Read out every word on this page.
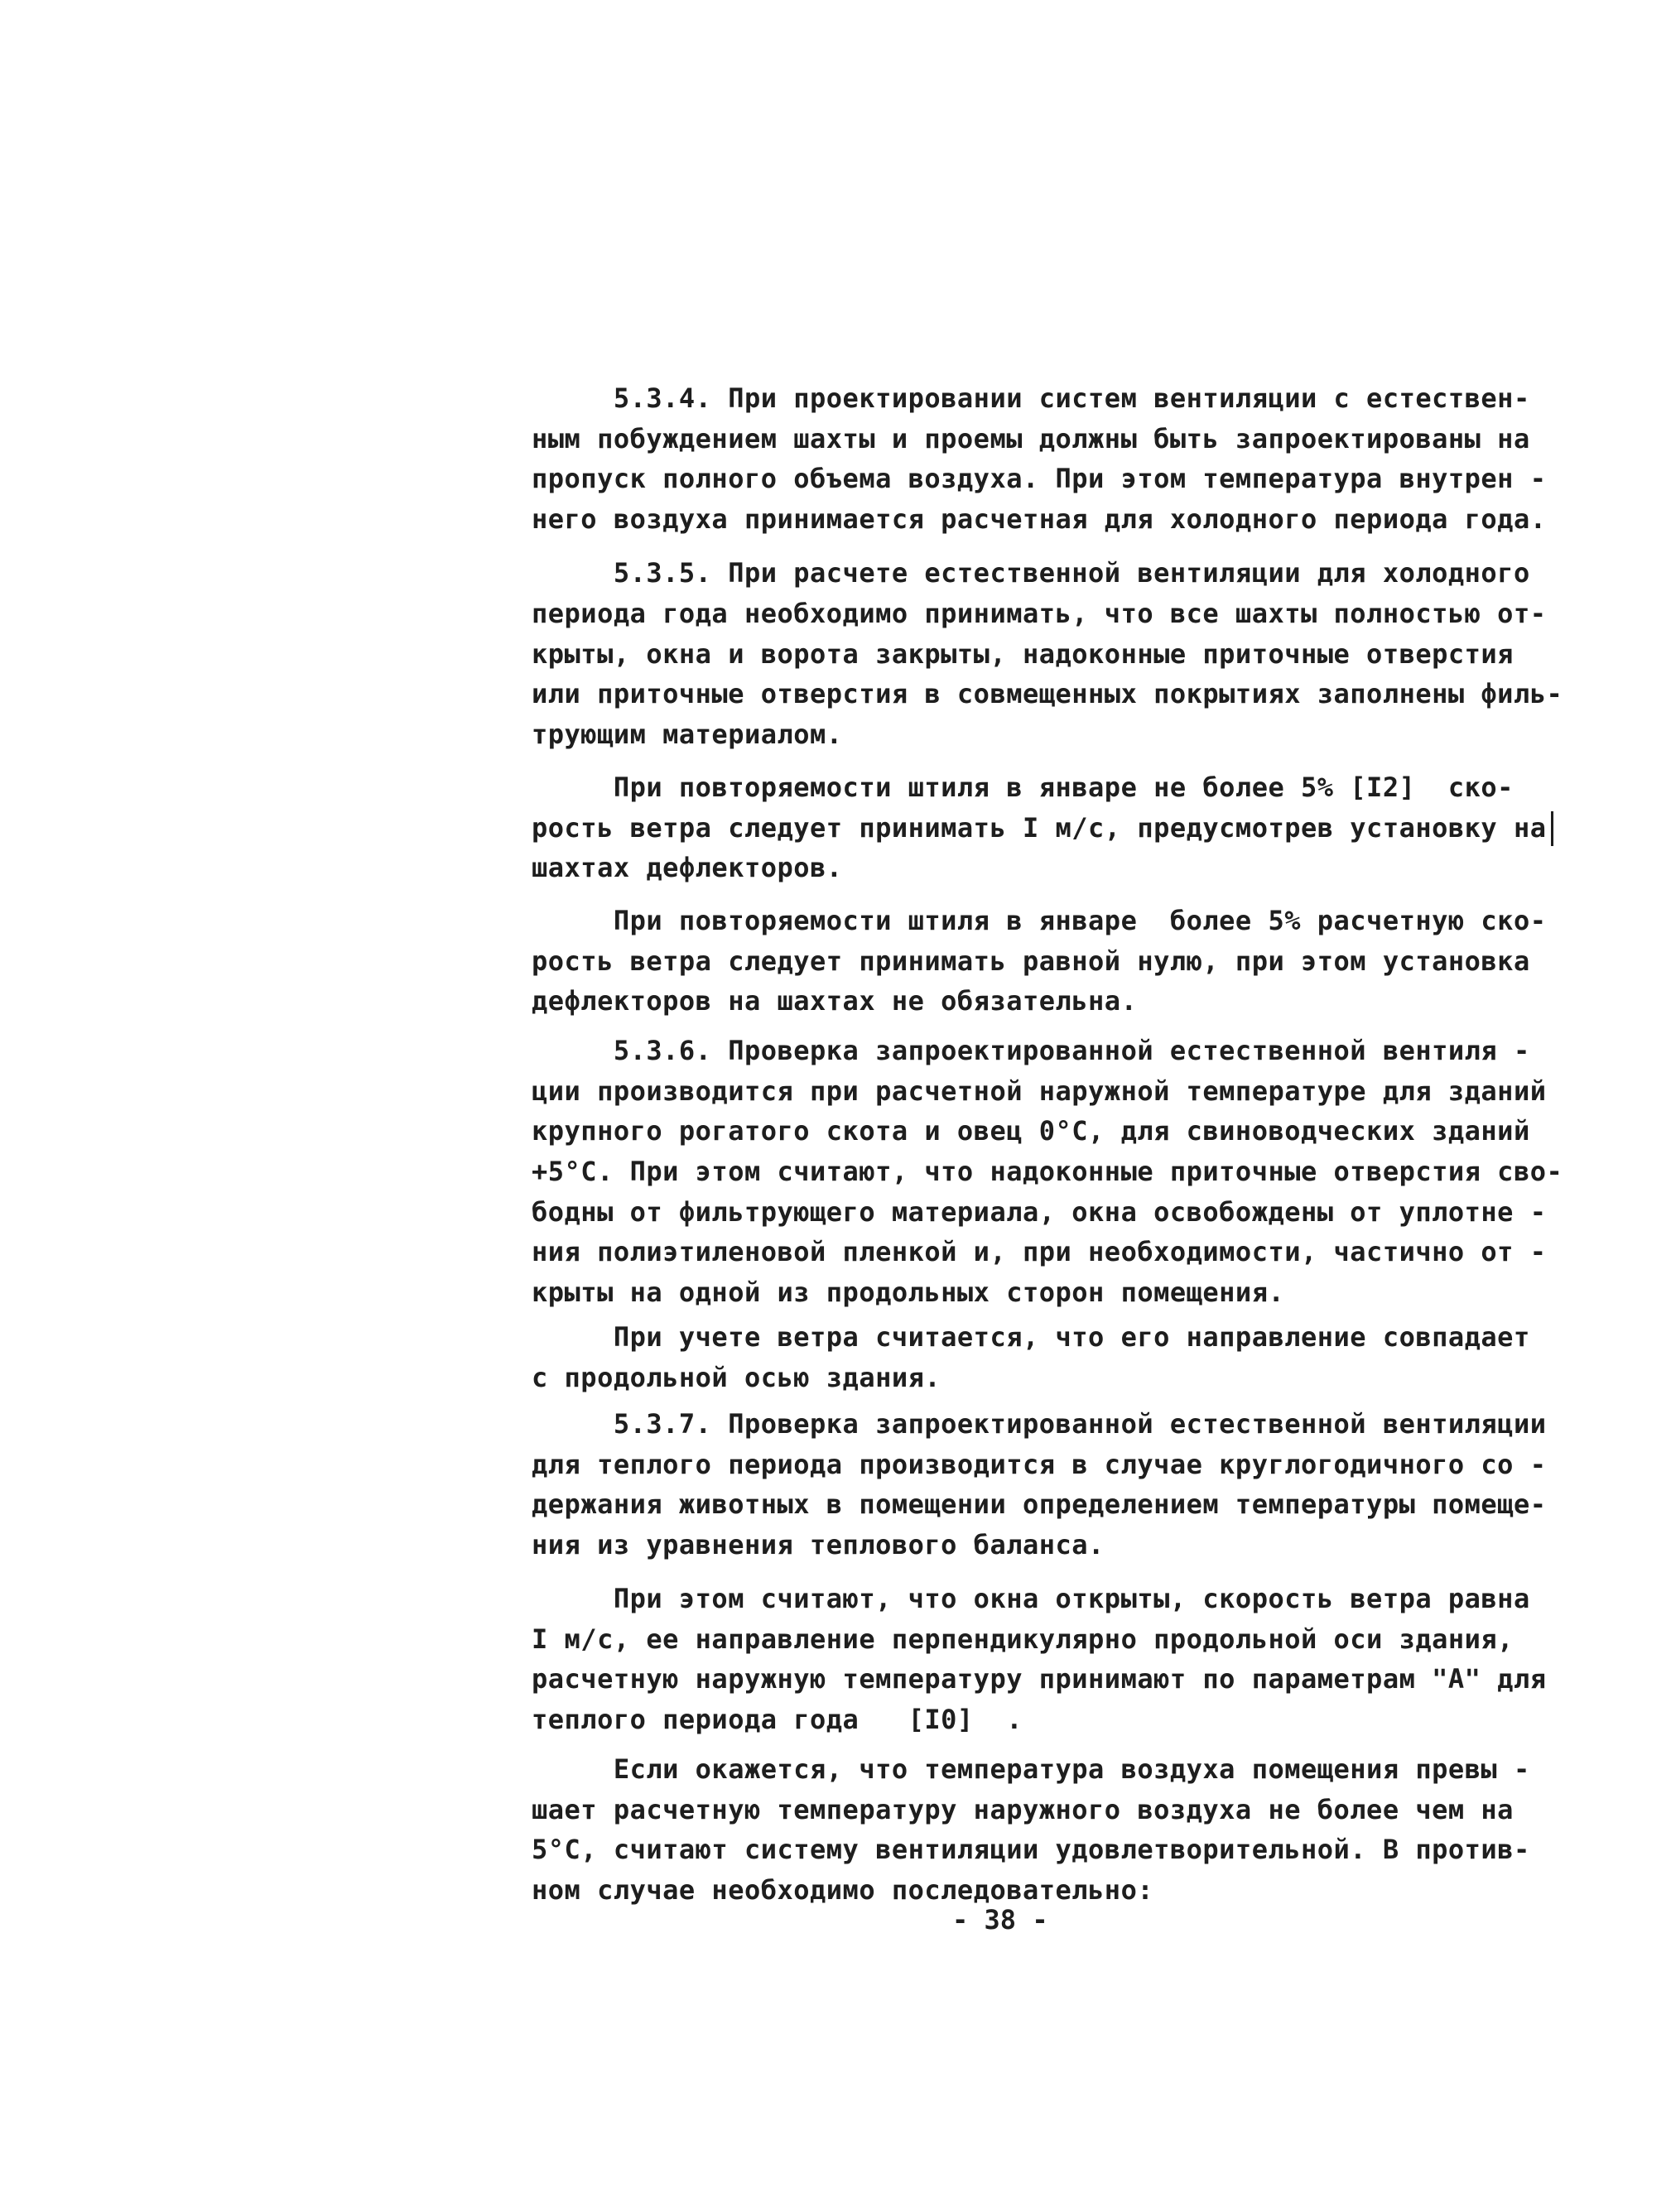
5.3.4. При проектировании систем вентиляции с естествен-
ным побуждением шахты и проемы должны быть запроектированы на
пропуск полного объема воздуха. При этом температура внутрен -
него воздуха принимается расчетная для холодного периода года.
5.3.5. При расчете естественной вентиляции для холодного
периода года необходимо принимать, что все шахты полностью от-
крыты, окна и ворота закрыты, надоконные приточные отверстия
или приточные отверстия в совмещенных покрытиях заполнены филь-
трующим материалом.
При повторяемости штиля в январе не более 5% [I2]  ско-
рость ветра следует принимать I м/с, предусмотрев установку на
шахтах дефлекторов.
При повторяемости штиля в январе  более 5% расчетную ско-
рость ветра следует принимать равной нулю, при этом установка
дефлекторов на шахтах не обязательна.
5.3.6. Проверка запроектированной естественной вентиля -
ции производится при расчетной наружной температуре для зданий
крупного рогатого скота и овец 0°С, для свиноводческих зданий
+5°С. При этом считают, что надоконные приточные отверстия сво-
бодны от фильтрующего материала, окна освобождены от уплотне -
ния полиэтиленовой пленкой и, при необходимости, частично от -
крыты на одной из продольных сторон помещения.
При учете ветра считается, что его направление совпадает
с продольной осью здания.
5.3.7. Проверка запроектированной естественной вентиляции
для теплого периода производится в случае круглогодичного со -
держания животных в помещении определением температуры помеще-
ния из уравнения теплового баланса.
При этом считают, что окна открыты, скорость ветра равна
I м/с, ее направление перпендикулярно продольной оси здания,
расчетную наружную температуру принимают по параметрам "А" для
теплого периода года   [I0]  .
Если окажется, что температура воздуха помещения превы -
шает расчетную температуру наружного воздуха не более чем на
5°С, считают систему вентиляции удовлетворительной. В против-
ном случае необходимо последовательно:
- 38 -
